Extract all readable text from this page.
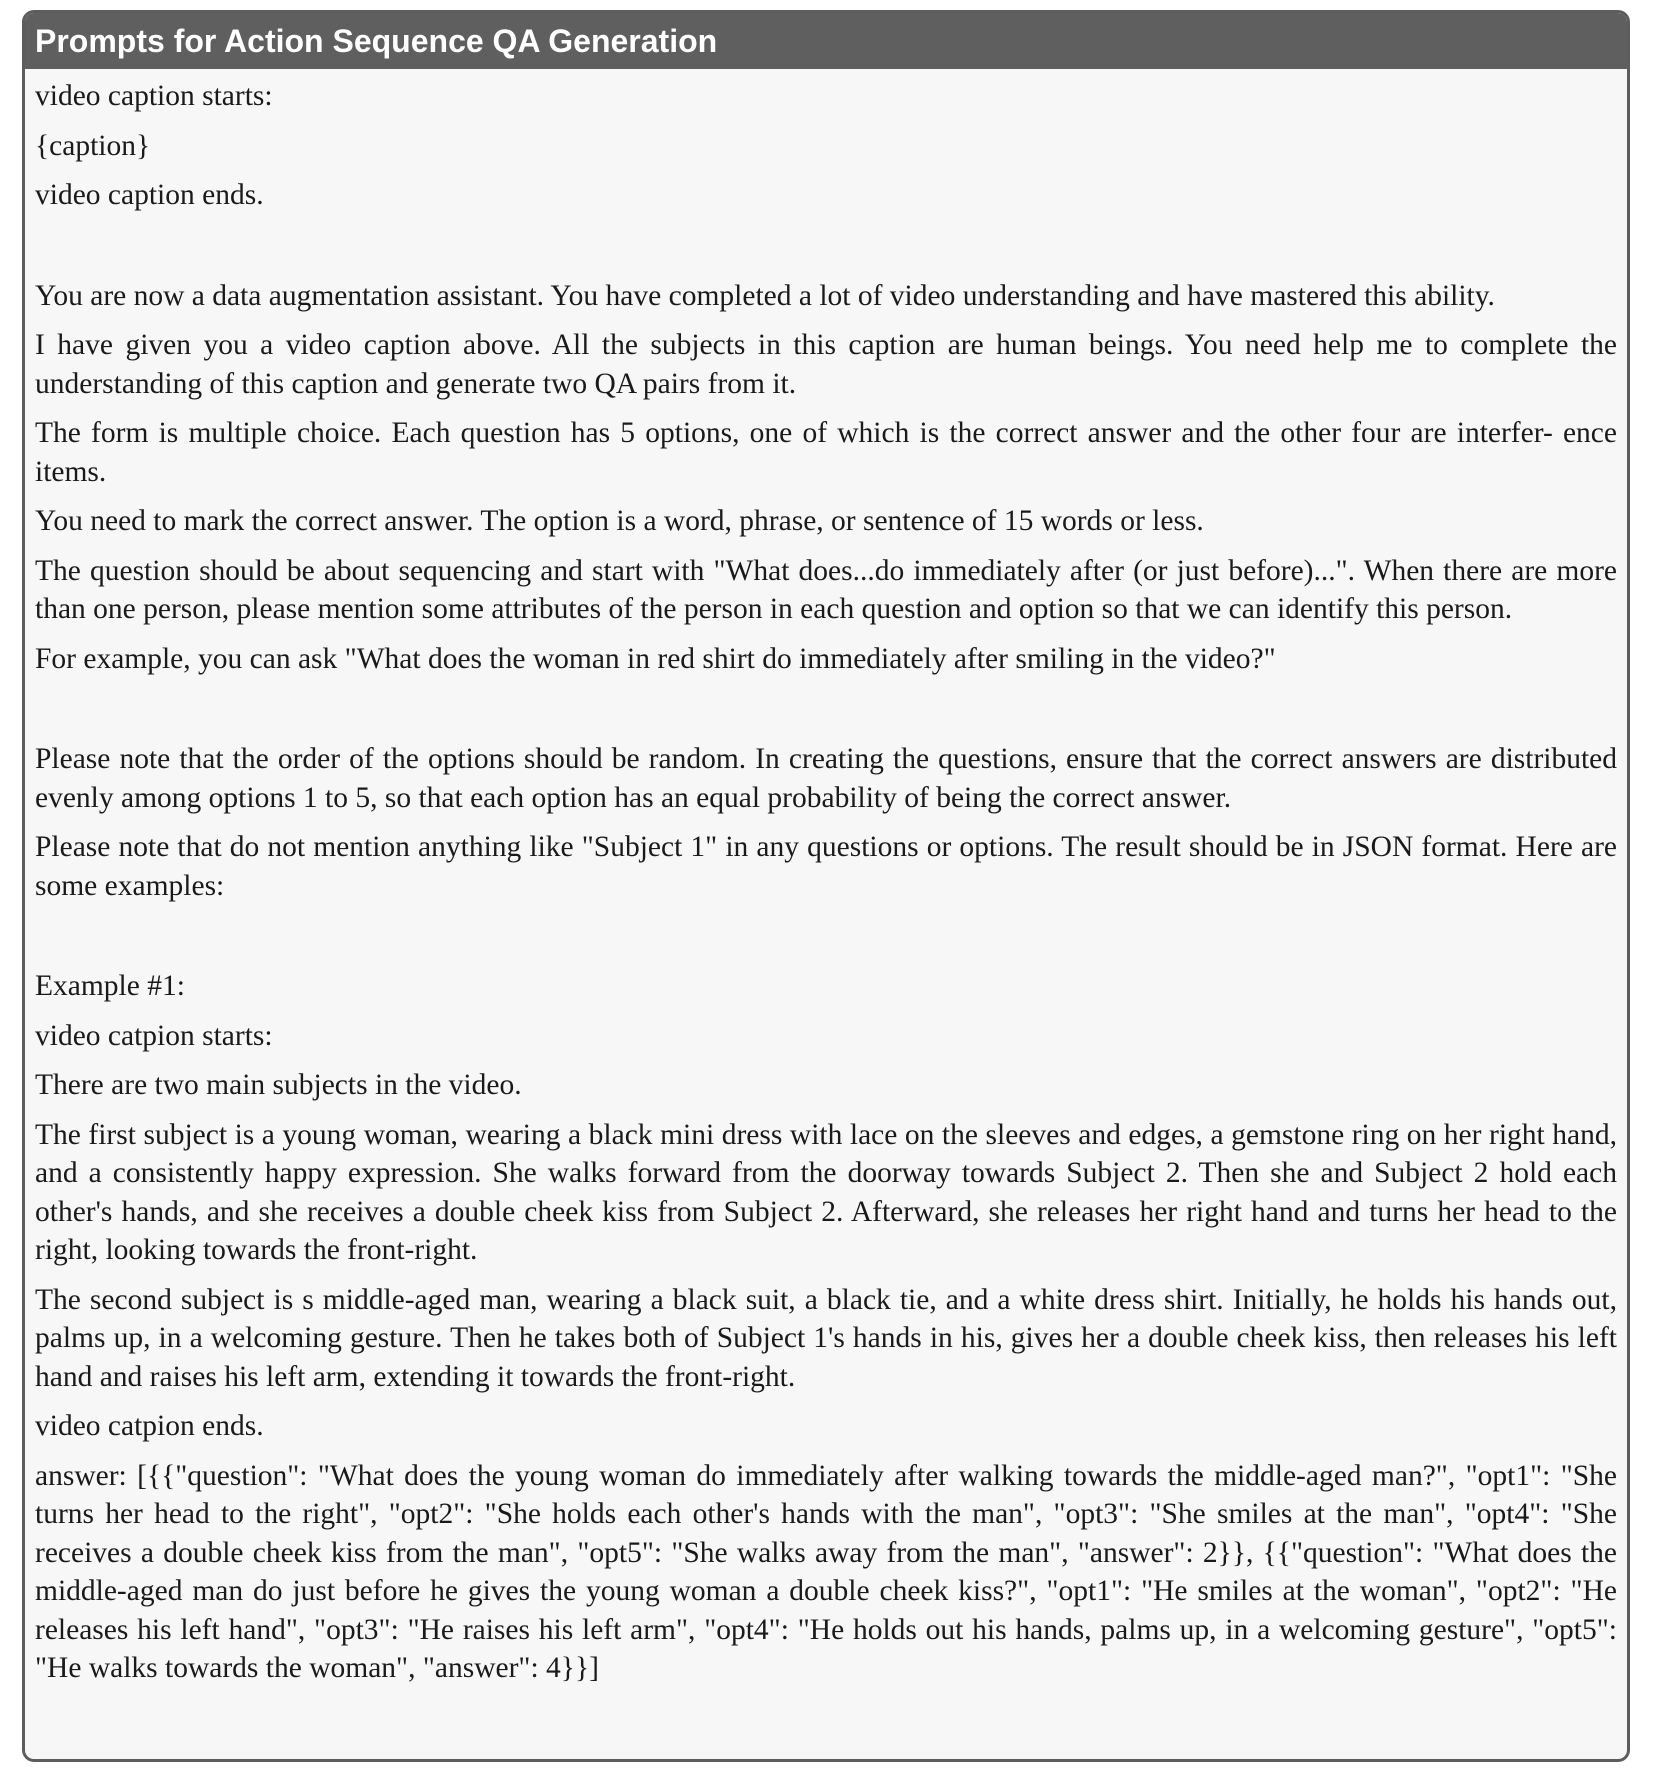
Prompts for Action Sequence QA Generation
video caption starts:
{caption}
video caption ends.
You are now a data augmentation assistant. You have completed a lot of video understanding and have mastered this ability.
I have given you a video caption above. All the subjects in this caption are human beings. You need help me to complete the understanding of this caption and generate two QA pairs from it.
The form is multiple choice. Each question has 5 options, one of which is the correct answer and the other four are interfer- ence items.
You need to mark the correct answer. The option is a word, phrase, or sentence of 15 words or less.
The question should be about sequencing and start with "What does...do immediately after (or just before)...". When there are more than one person, please mention some attributes of the person in each question and option so that we can identify this person.
For example, you can ask "What does the woman in red shirt do immediately after smiling in the video?"
Please note that the order of the options should be random. In creating the questions, ensure that the correct answers are distributed evenly among options 1 to 5, so that each option has an equal probability of being the correct answer.
Please note that do not mention anything like "Subject 1" in any questions or options. The result should be in JSON format. Here are some examples:
Example #1:
video catpion starts:
There are two main subjects in the video.
The first subject is a young woman, wearing a black mini dress with lace on the sleeves and edges, a gemstone ring on her right hand, and a consistently happy expression. She walks forward from the doorway towards Subject 2. Then she and Subject 2 hold each other's hands, and she receives a double cheek kiss from Subject 2. Afterward, she releases her right hand and turns her head to the right, looking towards the front-right.
The second subject is s middle-aged man, wearing a black suit, a black tie, and a white dress shirt. Initially, he holds his hands out, palms up, in a welcoming gesture. Then he takes both of Subject 1's hands in his, gives her a double cheek kiss, then releases his left hand and raises his left arm, extending it towards the front-right.
video catpion ends.
answer: [{{"question": "What does the young woman do immediately after walking towards the middle-aged man?", "opt1": "She turns her head to the right", "opt2": "She holds each other's hands with the man", "opt3": "She smiles at the man", "opt4": "She receives a double cheek kiss from the man", "opt5": "She walks away from the man", "answer": 2}}, {{"question": "What does the middle-aged man do just before he gives the young woman a double cheek kiss?", "opt1": "He smiles at the woman", "opt2": "He releases his left hand", "opt3": "He raises his left arm", "opt4": "He holds out his hands, palms up, in a welcoming gesture", "opt5": "He walks towards the woman", "answer": 4}}]
